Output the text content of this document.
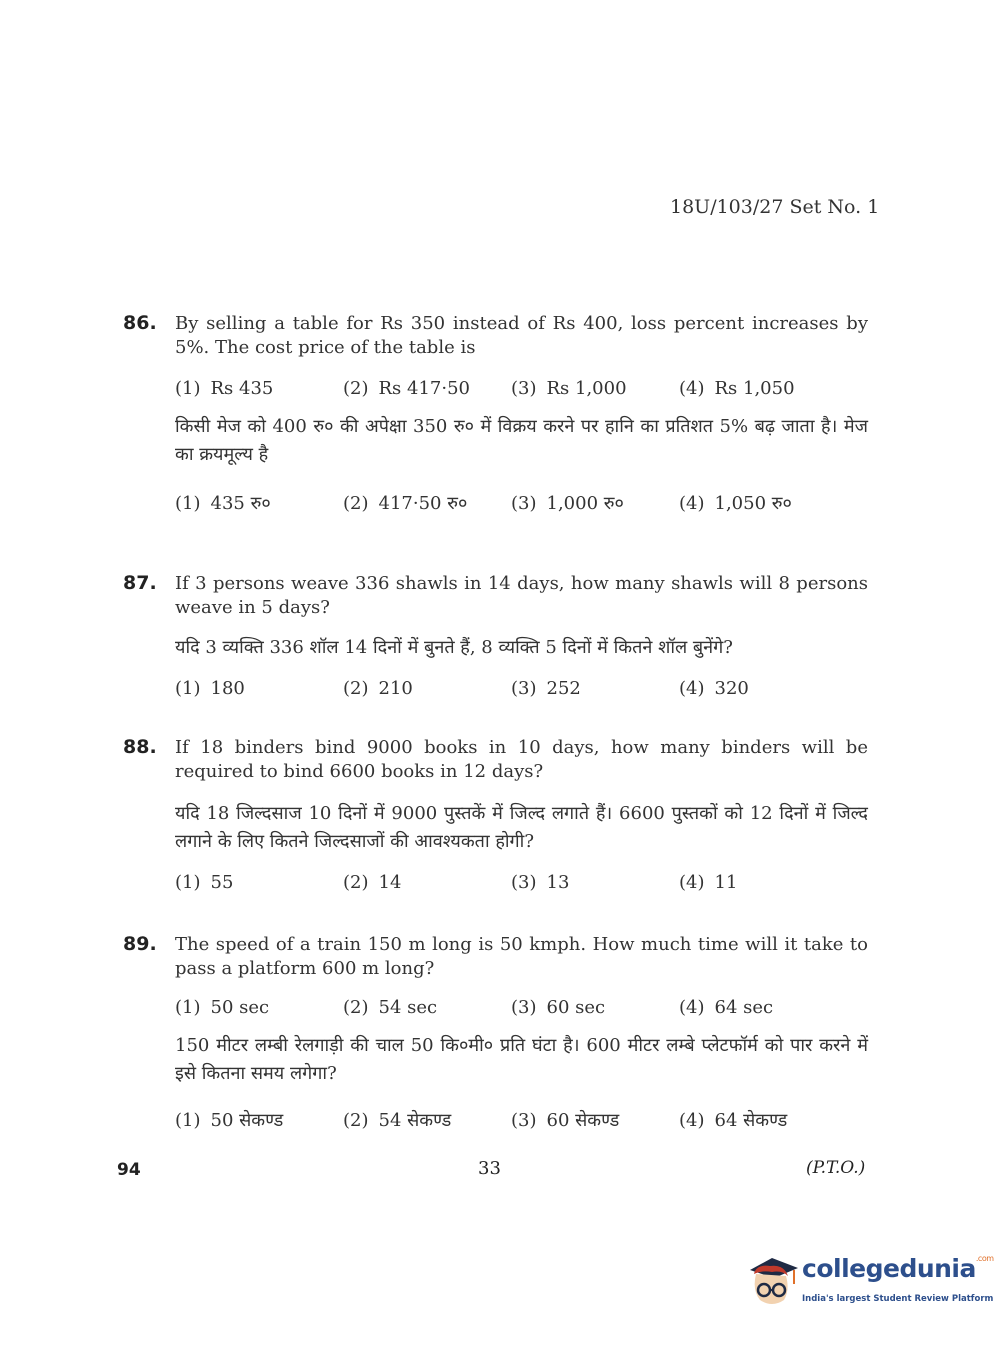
18U/103/27 Set No. 1
86. By selling a table for Rs 350 instead of Rs 400, loss percent increases by 5%. The cost price of the table is
(1) Rs 435	(2) Rs 417·50	(3) Rs 1,000	(4) Rs 1,050
किसी मेज को 400 रु० की अपेक्षा 350 रु० में विक्रय करने पर हानि का प्रतिशत 5% बढ़ जाता है। मेज का क्रयमूल्य है
(1) 435 रु०	(2) 417·50 रु०	(3) 1,000 रु०	(4) 1,050 रु०
87. If 3 persons weave 336 shawls in 14 days, how many shawls will 8 persons weave in 5 days?
यदि 3 व्यक्ति 336 शॉल 14 दिनों में बुनते हैं, 8 व्यक्ति 5 दिनों में कितने शॉल बुनेंगे?
(1) 180	(2) 210	(3) 252	(4) 320
88. If 18 binders bind 9000 books in 10 days, how many binders will be required to bind 6600 books in 12 days?
यदि 18 जिल्दसाज 10 दिनों में 9000 पुस्तकें में जिल्द लगाते हैं। 6600 पुस्तकों को 12 दिनों में जिल्द लगाने के लिए कितने जिल्दसाजों की आवश्यकता होगी?
(1) 55	(2) 14	(3) 13	(4) 11
89. The speed of a train 150 m long is 50 kmph. How much time will it take to pass a platform 600 m long?
(1) 50 sec	(2) 54 sec	(3) 60 sec	(4) 64 sec
150 मीटर लम्बी रेलगाड़ी की चाल 50 कि०मी० प्रति घंटा है। 600 मीटर लम्बे प्लेटफॉर्म को पार करने में इसे कितना समय लगेगा?
(1) 50 सेकण्ड	(2) 54 सेकण्ड	(3) 60 सेकण्ड	(4) 64 सेकण्ड
94	33	(P.T.O.)
collegedunia$^{.com}$
India's largest Student Review Platform
